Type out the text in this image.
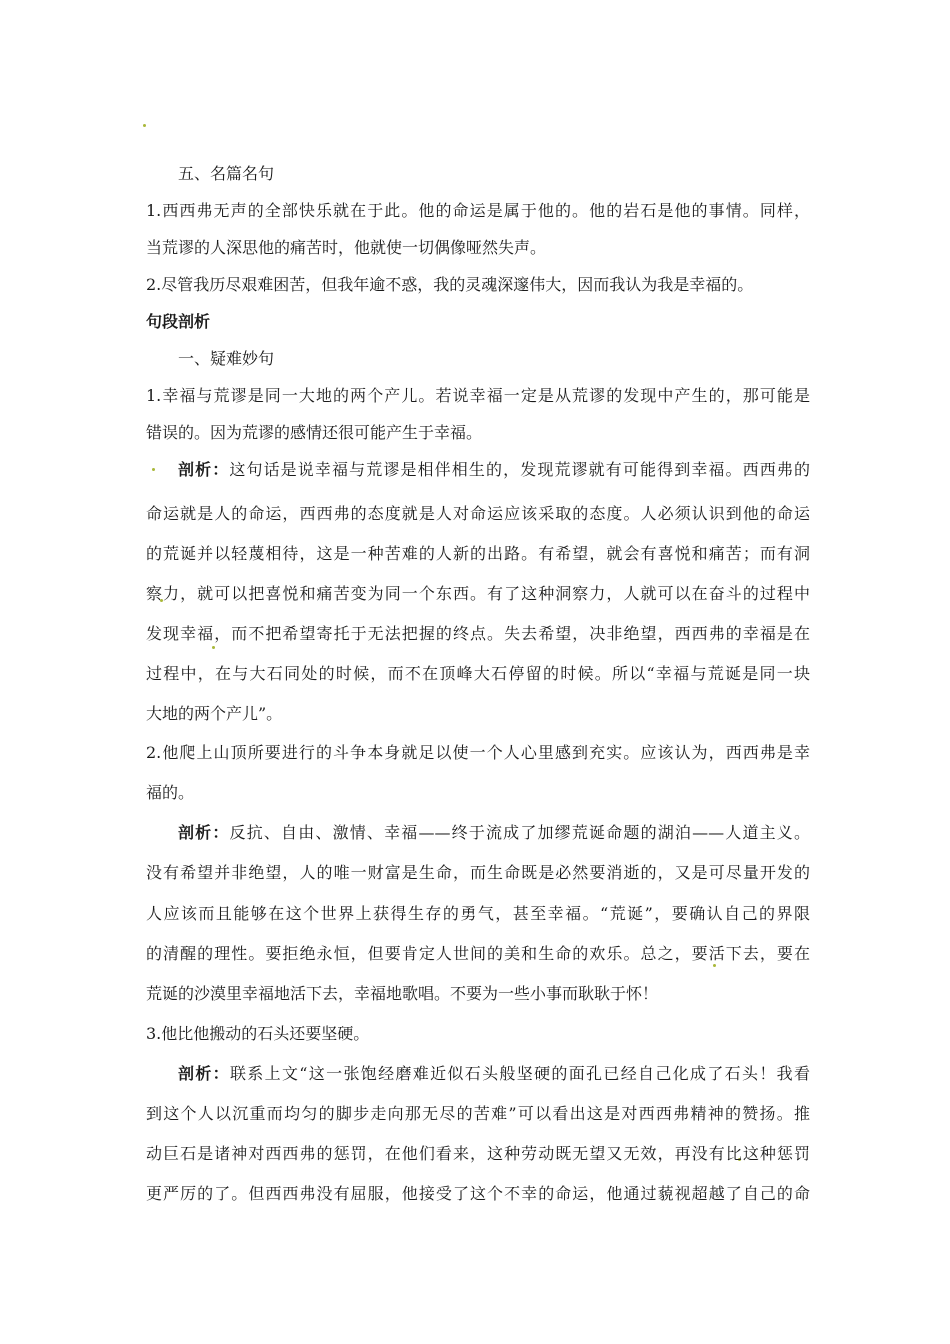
五、名篇名句
1.西西弗无声的全部快乐就在于此。他的命运是属于他的。他的岩石是他的事情。同样，
当荒谬的人深思他的痛苦时，他就使一切偶像哑然失声。
2.尽管我历尽艰难困苦，但我年逾不惑，我的灵魂深邃伟大，因而我认为我是幸福的。
句段剖析
一、疑难妙句
1.幸福与荒谬是同一大地的两个产儿。若说幸福一定是从荒谬的发现中产生的，那可能是
错误的。因为荒谬的感情还很可能产生于幸福。
剖析：这句话是说幸福与荒谬是相伴相生的，发现荒谬就有可能得到幸福。西西弗的
命运就是人的命运，西西弗的态度就是人对命运应该采取的态度。人必须认识到他的命运
的荒诞并以轻蔑相待，这是一种苦难的人新的出路。有希望，就会有喜悦和痛苦；而有洞
察力，就可以把喜悦和痛苦变为同一个东西。有了这种洞察力，人就可以在奋斗的过程中
发现幸福，而不把希望寄托于无法把握的终点。失去希望，决非绝望，西西弗的幸福是在
过程中，在与大石同处的时候，而不在顶峰大石停留的时候。所以“幸福与荒诞是同一块
大地的两个产儿”。
2.他爬上山顶所要进行的斗争本身就足以使一个人心里感到充实。应该认为，西西弗是幸
福的。
剖析：反抗、自由、激情、幸福——终于流成了加缪荒诞命题的湖泊——人道主义。
没有希望并非绝望，人的唯一财富是生命，而生命既是必然要消逝的，又是可尽量开发的
人应该而且能够在这个世界上获得生存的勇气，甚至幸福。“荒诞”，要确认自己的界限
的清醒的理性。要拒绝永恒，但要肯定人世间的美和生命的欢乐。总之，要活下去，要在
荒诞的沙漠里幸福地活下去，幸福地歌唱。不要为一些小事而耿耿于怀！
3.他比他搬动的石头还要坚硬。
剖析：联系上文“这一张饱经磨难近似石头般坚硬的面孔已经自己化成了石头！我看
到这个人以沉重而均匀的脚步走向那无尽的苦难”可以看出这是对西西弗精神的赞扬。推
动巨石是诸神对西西弗的惩罚，在他们看来，这种劳动既无望又无效，再没有比这种惩罚
更严厉的了。但西西弗没有屈服，他接受了这个不幸的命运，他通过藐视超越了自己的命
